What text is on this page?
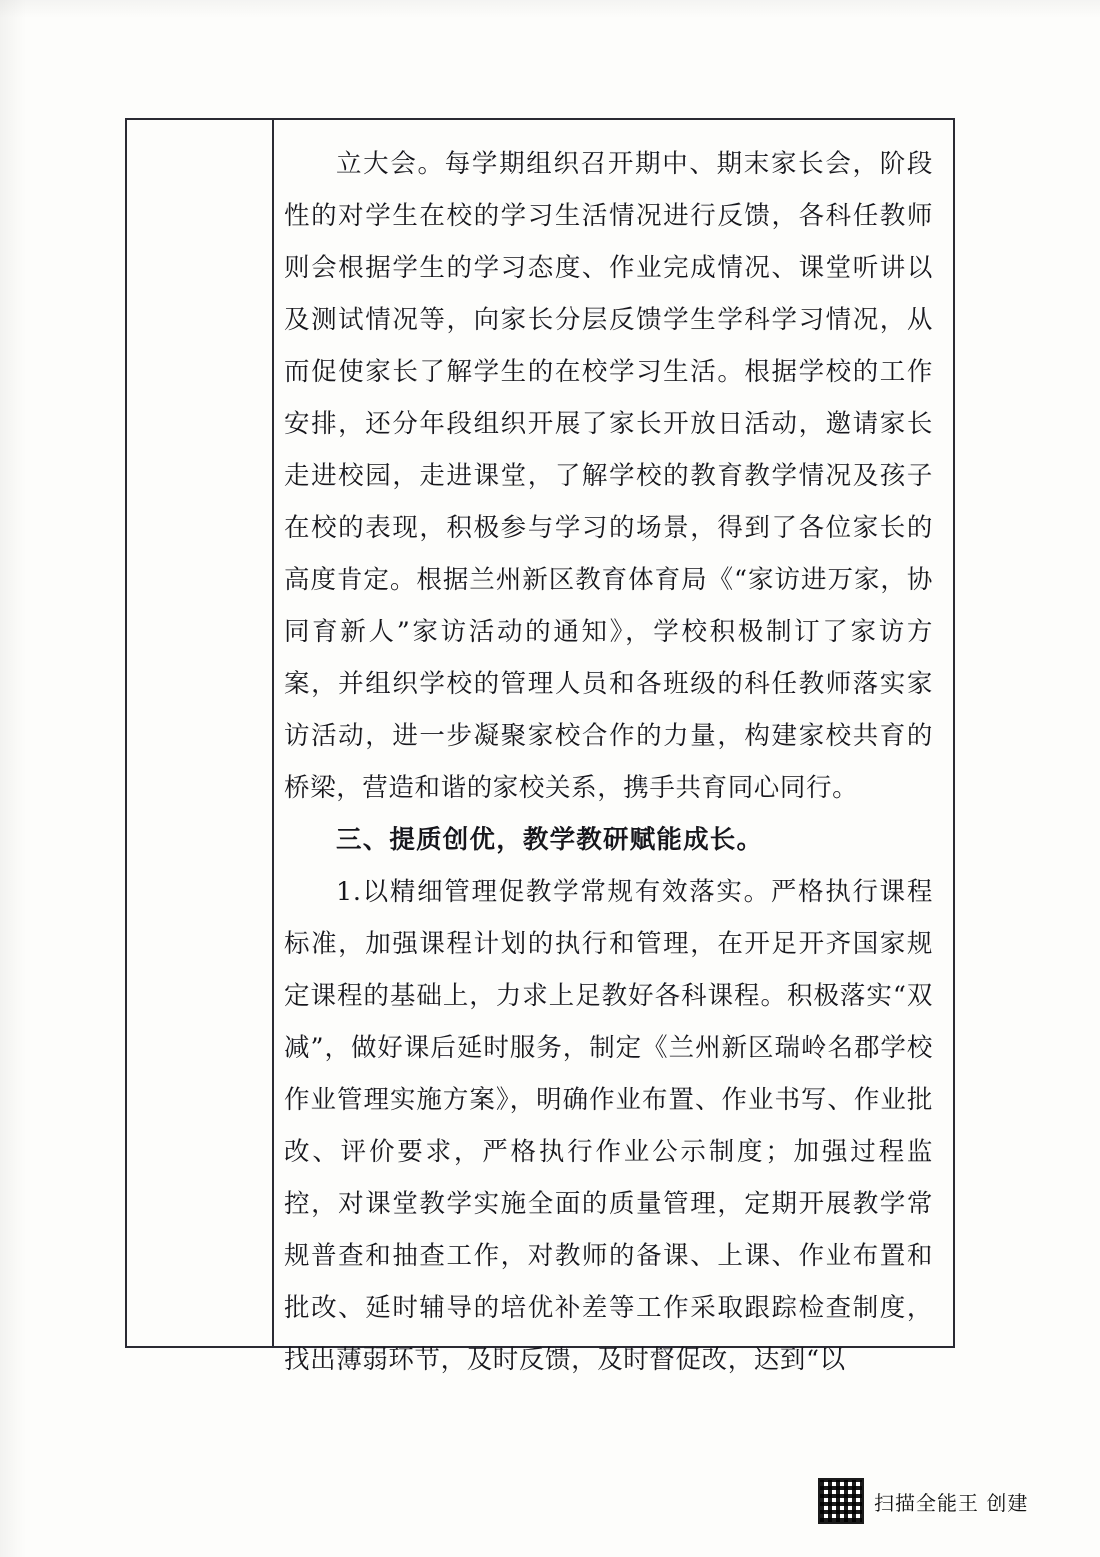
立大会。每学期组织召开期中、期末家长会，阶段性的对学生在校的学习生活情况进行反馈，各科任教师则会根据学生的学习态度、作业完成情况、课堂听讲以及测试情况等，向家长分层反馈学生学科学习情况，从而促使家长了解学生的在校学习生活。根据学校的工作安排，还分年段组织开展了家长开放日活动，邀请家长走进校园，走进课堂，了解学校的教育教学情况及孩子在校的表现，积极参与学习的场景，得到了各位家长的高度肯定。根据兰州新区教育体育局《“家访进万家，协同育新人”家访活动的通知》，学校积极制订了家访方案，并组织学校的管理人员和各班级的科任教师落实家访活动，进一步凝聚家校合作的力量，构建家校共育的桥梁，营造和谐的家校关系，携手共育同心同行。

三、提质创优，教学教研赋能成长。

1.以精细管理促教学常规有效落实。严格执行课程标准，加强课程计划的执行和管理，在开足开齐国家规定课程的基础上，力求上足教好各科课程。积极落实“双减”，做好课后延时服务，制定《兰州新区瑞岭名郡学校作业管理实施方案》，明确作业布置、作业书写、作业批改、评价要求，严格执行作业公示制度；加强过程监控，对课堂教学实施全面的质量管理，定期开展教学常规普查和抽查工作，对教师的备课、上课、作业布置和批改、延时辅导的培优补差等工作采取跟踪检查制度，找出薄弱环节，及时反馈，及时督促改，达到“以

扫描全能王 创建
